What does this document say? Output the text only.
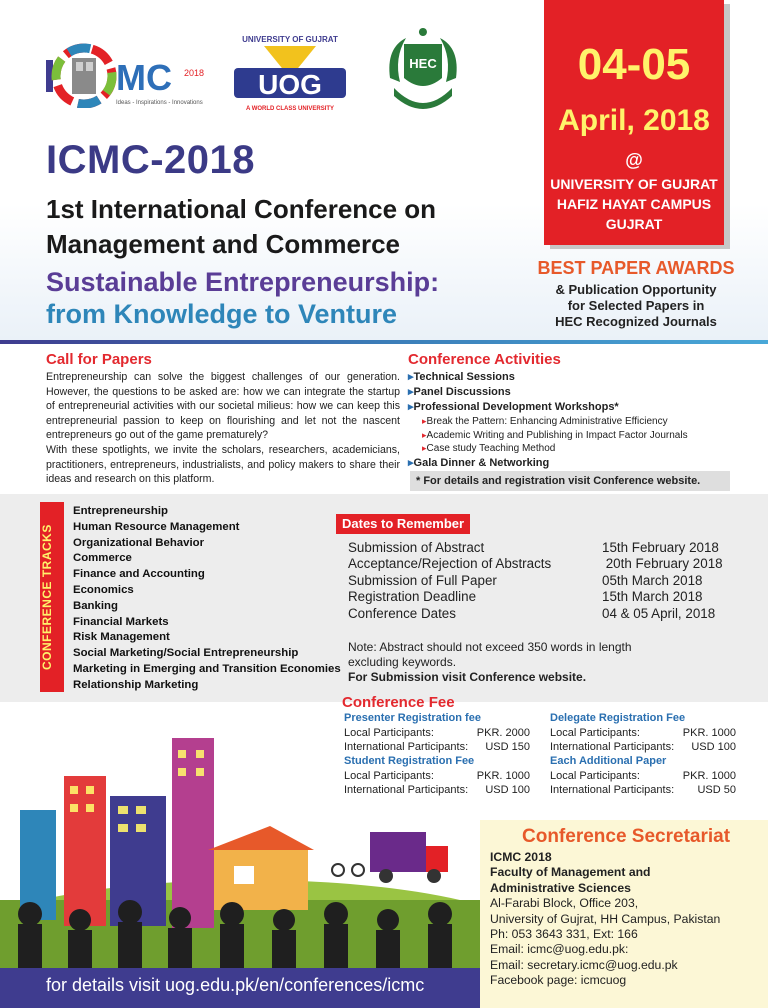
MC 2018
Ideas - Inspirations - Innovations
UNIVERSITY OF GUJRAT
UOG
A WORLD CLASS UNIVERSITY
HEC
ICMC-2018
1st International Conference on
Management and Commerce
Sustainable Entrepreneurship:
from Knowledge to Venture
04-05
April, 2018
@
UNIVERSITY OF GUJRAT
HAFIZ HAYAT CAMPUS
GUJRAT
BEST PAPER AWARDS
& Publication Opportunity
for Selected Papers in
HEC Recognized Journals
Call for Papers

Entrepreneurship can solve the biggest challenges of our generation. However, the questions to be asked are: how we can integrate the startup of entrepreneurial activities with our societal milieus: how we can keep this entrepreneurial passion to keep on flourishing and let not the nascent entrepreneurs go out of the game prematurely?

With these spotlights, we invite the scholars, researchers, academicians, practitioners, entrepreneurs, industrialists, and policy makers to share their ideas and research on this platform.

Conference Activities
▸ Technical Sessions
▸ Panel Discussions
▸ Professional Development Workshops*
▸ Break the Pattern: Enhancing Administrative Efficiency
▸ Academic Writing and Publishing in Impact Factor Journals
▸ Case study Teaching Method
▸ Gala Dinner & Networking
* For details and registration visit Conference website.
CONFERENCE TRACKS
Entrepreneurship
Human Resource Management
Organizational Behavior
Commerce
Finance and Accounting
Economics
Banking
Financial Markets
Risk Management
Social Marketing/Social Entrepreneurship
Marketing in Emerging and Transition Economies
Relationship Marketing
Dates to Remember
Submission of Abstract	15th February 2018
Acceptance/Rejection of Abstracts	20th February 2018
Submission of Full Paper	05th March 2018
Registration Deadline	15th March 2018
Conference Dates	04 & 05 April, 2018
Note: Abstract should not exceed 350 words in length
excluding keywords.
For Submission visit Conference website.
Conference Fee
Presenter Registration fee
Local Participants:	PKR. 2000
International Participants: USD 150
Delegate Registration Fee
Local Participants:	PKR. 1000
International Participants: USD 100
Student Registration Fee
Local Participants:	PKR. 1000
International Participants: USD 100
Each Additional Paper
Local Participants:	PKR. 1000
International Participants: USD 50
for details visit uog.edu.pk/en/conferences/icmc
Conference Secretariat
ICMC 2018
Faculty of Management and
Administrative Sciences
Al-Farabi Block, Office 203,
University of Gujrat, HH Campus, Pakistan
Ph: 053 3643 331, Ext: 166
Email: icmc@uog.edu.pk:
Email: secretary.icmc@uog.edu.pk
Facebook page: icmcuog
